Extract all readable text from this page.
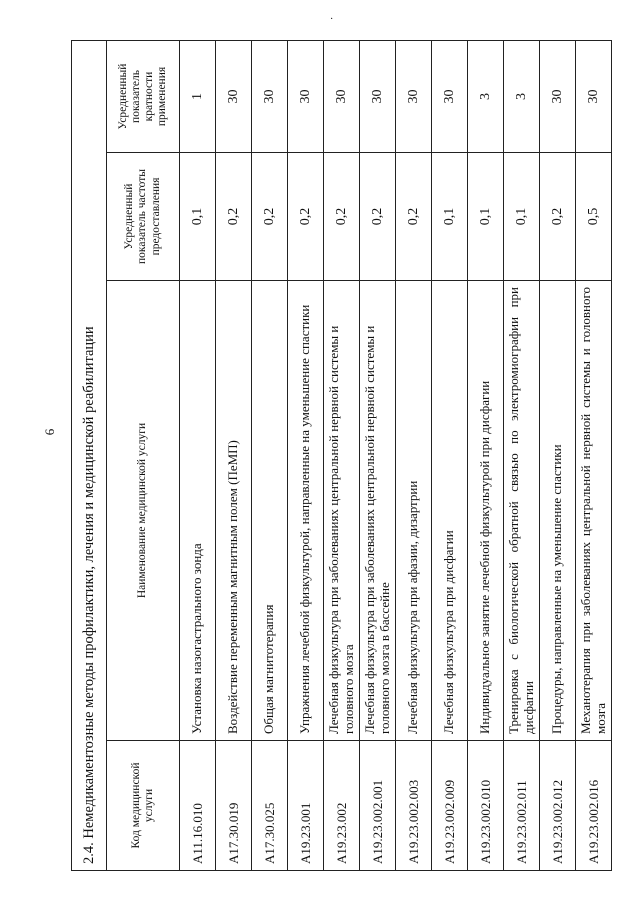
6
·
2.4. Немедикаментозные методы профилактики, лечения и медицинской реабилитации			
Код медицинской услуги	Наименование медицинской услуги	Усредненный показатель частоты предоставления	Усредненный показатель кратности применения
A11.16.010	Установка назогастрального зонда	0,1	1
A17.30.019	Воздействие переменным магнитным полем (ПеМП)	0,2	30
A17.30.025	Общая магнитотерапия	0,2	30
A19.23.001	Упражнения лечебной физкультурой, направленные на уменьшение спастики	0,2	30
A19.23.002	Лечебная физкультура при заболеваниях центральной нервной системы и головного мозга	0,2	30
A19.23.002.001	Лечебная физкультура при заболеваниях центральной нервной системы и головного мозга в бассейне	0,2	30
A19.23.002.003	Лечебная физкультура при афазии, дизартрии	0,2	30
A19.23.002.009	Лечебная физкультура при дисфагии	0,1	30
A19.23.002.010	Индивидуальное занятие лечебной физкультурой при дисфагии	0,1	3
A19.23.002.011	Тренировка с биологической обратной связью по электромиографии при дисфагии	0,1	3
A19.23.002.012	Процедуры, направленные на уменьшение спастики	0,2	30
A19.23.002.016	Механотерапия при заболеваниях центральной нервной системы и головного мозга	0,5	30
